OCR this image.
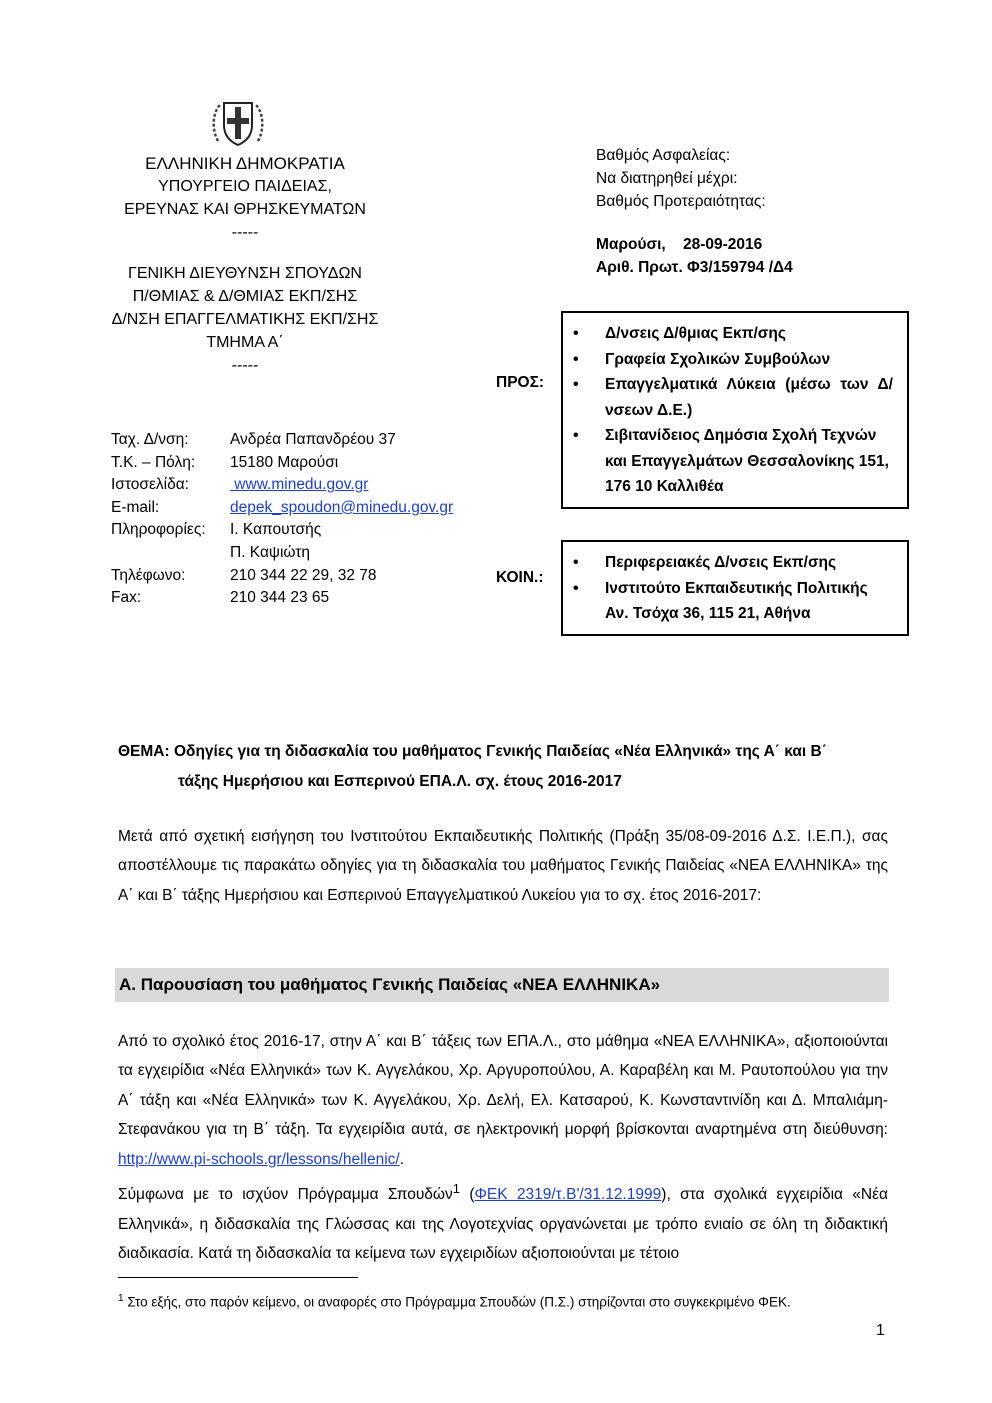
ΕΛΛΗΝΙΚΗ ΔΗΜΟΚΡΑΤΙΑ
ΥΠΟΥΡΓΕΙΟ ΠΑΙΔΕΙΑΣ,
ΕΡΕΥΝΑΣ ΚΑΙ ΘΡΗΣΚΕΥΜΑΤΩΝ
-----
ΓΕΝΙΚΗ ΔΙΕΥΘΥΝΣΗ ΣΠΟΥΔΩΝ
Π/ΘΜΙΑΣ & Δ/ΘΜΙΑΣ ΕΚΠ/ΣΗΣ
Δ/ΝΣΗ ΕΠΑΓΓΕΛΜΑΤΙΚΗΣ ΕΚΠ/ΣΗΣ
ΤΜΗΜΑ Α΄
-----
Βαθμός Ασφαλείας:
Να διατηρηθεί μέχρι:
Βαθμός Προτεραιότητας:
Μαρούσι,    28-09-2016
Αριθ. Πρωτ. Φ3/159794 /Δ4
Ταχ. Δ/νση:	Ανδρέα Παπανδρέου 37
Τ.Κ. – Πόλη:	15180 Μαρούσι
Ιστοσελίδα:	www.minedu.gov.gr
E-mail:	depek_spoudon@minedu.gov.gr
Πληροφορίες:	Ι. Καπουτσής
Π. Καψιώτη
Τηλέφωνο:	210 344 22 29, 32 78
Fax:	210 344 23 65
ΠΡΟΣ:
• Δ/νσεις Δ/θμιας Εκπ/σης
• Γραφεία Σχολικών Συμβούλων
• Επαγγελματικά Λύκεια (μέσω των Δ/νσεων Δ.Ε.)
• Σιβιτανίδειος Δημόσια Σχολή Τεχνών και Επαγγελμάτων Θεσσαλονίκης 151, 176 10 Καλλιθέα
ΚΟΙΝ.:
• Περιφερειακές Δ/νσεις Εκπ/σης
• Ινστιτούτο Εκπαιδευτικής Πολιτικής Αν. Τσόχα 36, 115 21, Αθήνα
ΘΕΜΑ: Οδηγίες για τη διδασκαλία του μαθήματος Γενικής Παιδείας «Νέα Ελληνικά» της Α΄ και Β΄
τάξης Ημερήσιου και Εσπερινού ΕΠΑ.Λ. σχ. έτους 2016-2017
Μετά από σχετική εισήγηση του Ινστιτούτου Εκπαιδευτικής Πολιτικής (Πράξη 35/08-09-2016 Δ.Σ. Ι.Ε.Π.), σας αποστέλλουμε τις παρακάτω οδηγίες για τη διδασκαλία του μαθήματος Γενικής Παιδείας «ΝΕΑ ΕΛΛΗΝΙΚΑ» της Α΄ και Β΄ τάξης Ημερήσιου και Εσπερινού Επαγγελματικού Λυκείου για το σχ. έτος 2016-2017:
Α. Παρουσίαση του μαθήματος Γενικής Παιδείας «ΝΕΑ ΕΛΛΗΝΙΚΑ»
Από το σχολικό έτος 2016-17, στην Α΄ και Β΄ τάξεις των ΕΠΑ.Λ., στο μάθημα «ΝΕΑ ΕΛΛΗΝΙΚΑ», αξιοποιούνται τα εγχειρίδια «Νέα Ελληνικά» των Κ. Αγγελάκου, Χρ. Αργυροπούλου, Α. Καραβέλη και Μ. Ραυτοπούλου για την Α΄ τάξη και «Νέα Ελληνικά» των Κ. Αγγελάκου, Χρ. Δελή, Ελ. Κατσαρού, Κ. Κωνσταντινίδη και Δ. Μπαλιάμη-Στεφανάκου για τη Β΄ τάξη. Τα εγχειρίδια αυτά, σε ηλεκτρονική μορφή βρίσκονται αναρτημένα στη διεύθυνση: http://www.pi-schools.gr/lessons/hellenic/.
Σύμφωνα με το ισχύον Πρόγραμμα Σπουδών$^1$ (ΦΕΚ 2319/τ.Β'/31.12.1999), στα σχολικά εγχειρίδια «Νέα Ελληνικά», η διδασκαλία της Γλώσσας και της Λογοτεχνίας οργανώνεται με τρόπο ενιαίο σε όλη τη διδακτική διαδικασία. Κατά τη διδασκαλία τα κείμενα των εγχειριδίων αξιοποιούνται με τέτοιο
$^1$ Στο εξής, στο παρόν κείμενο, οι αναφορές στο Πρόγραμμα Σπουδών (Π.Σ.) στηρίζονται στο συγκεκριμένο ΦΕΚ.
1
